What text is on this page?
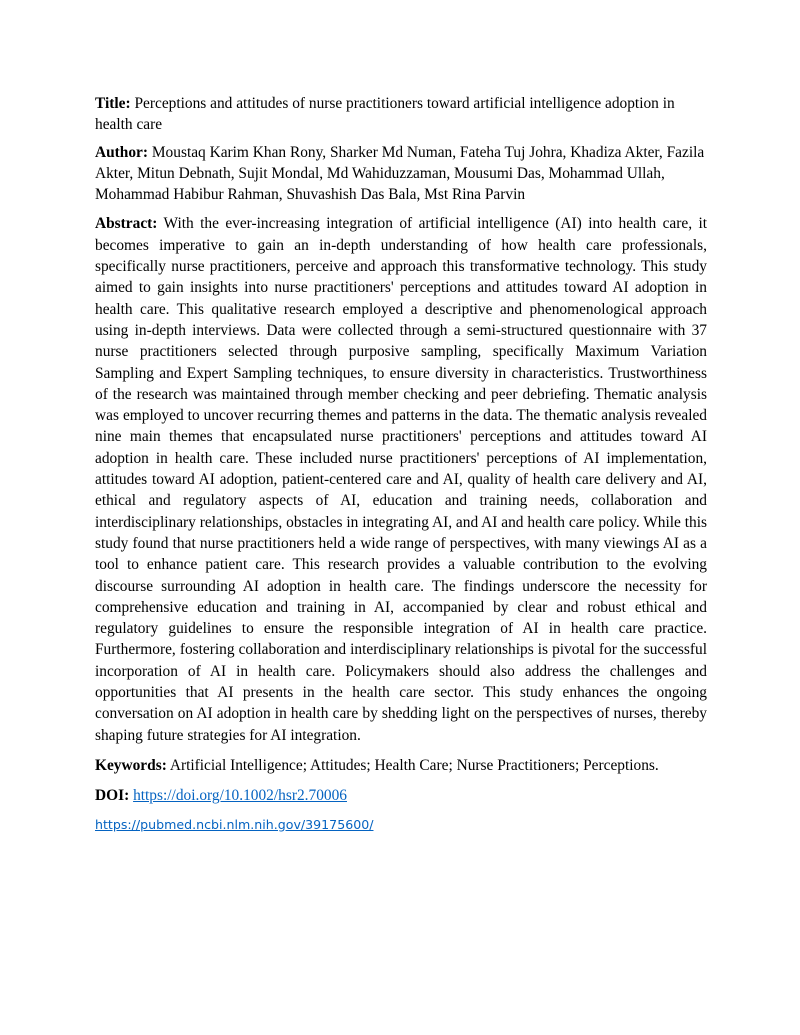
Title: Perceptions and attitudes of nurse practitioners toward artificial intelligence adoption in health care

Author: Moustaq Karim Khan Rony, Sharker Md Numan, Fateha Tuj Johra, Khadiza Akter, Fazila Akter, Mitun Debnath, Sujit Mondal, Md Wahiduzzaman, Mousumi Das, Mohammad Ullah, Mohammad Habibur Rahman, Shuvashish Das Bala, Mst Rina Parvin

Abstract: With the ever-increasing integration of artificial intelligence (AI) into health care, it becomes imperative to gain an in-depth understanding of how health care professionals, specifically nurse practitioners, perceive and approach this transformative technology. This study aimed to gain insights into nurse practitioners' perceptions and attitudes toward AI adoption in health care. This qualitative research employed a descriptive and phenomenological approach using in-depth interviews. Data were collected through a semi-structured questionnaire with 37 nurse practitioners selected through purposive sampling, specifically Maximum Variation Sampling and Expert Sampling techniques, to ensure diversity in characteristics. Trustworthiness of the research was maintained through member checking and peer debriefing. Thematic analysis was employed to uncover recurring themes and patterns in the data. The thematic analysis revealed nine main themes that encapsulated nurse practitioners' perceptions and attitudes toward AI adoption in health care. These included nurse practitioners' perceptions of AI implementation, attitudes toward AI adoption, patient-centered care and AI, quality of health care delivery and AI, ethical and regulatory aspects of AI, education and training needs, collaboration and interdisciplinary relationships, obstacles in integrating AI, and AI and health care policy. While this study found that nurse practitioners held a wide range of perspectives, with many viewings AI as a tool to enhance patient care. This research provides a valuable contribution to the evolving discourse surrounding AI adoption in health care. The findings underscore the necessity for comprehensive education and training in AI, accompanied by clear and robust ethical and regulatory guidelines to ensure the responsible integration of AI in health care practice. Furthermore, fostering collaboration and interdisciplinary relationships is pivotal for the successful incorporation of AI in health care. Policymakers should also address the challenges and opportunities that AI presents in the health care sector. This study enhances the ongoing conversation on AI adoption in health care by shedding light on the perspectives of nurses, thereby shaping future strategies for AI integration.

Keywords: Artificial Intelligence; Attitudes; Health Care; Nurse Practitioners; Perceptions.

DOI: https://doi.org/10.1002/hsr2.70006

https://pubmed.ncbi.nlm.nih.gov/39175600/
